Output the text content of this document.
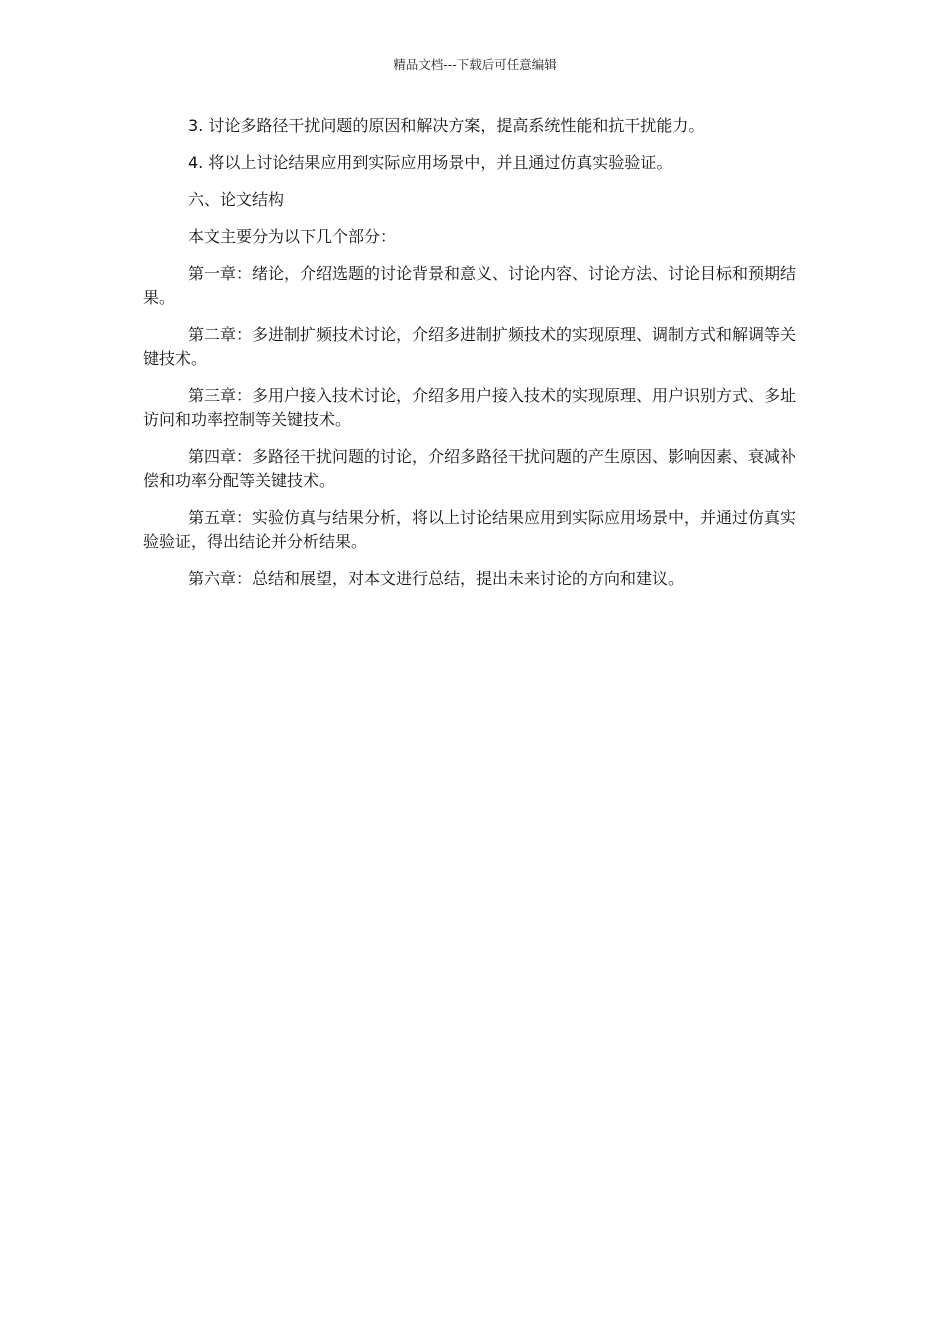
精品文档---下载后可任意编辑

3. 讨论多路径干扰问题的原因和解决方案，提高系统性能和抗干扰能力。

4. 将以上讨论结果应用到实际应用场景中，并且通过仿真实验验证。

六、论文结构

本文主要分为以下几个部分：

第一章：绪论，介绍选题的讨论背景和意义、讨论内容、讨论方法、讨论目标和预期结果。

第二章：多进制扩频技术讨论，介绍多进制扩频技术的实现原理、调制方式和解调等关键技术。

第三章：多用户接入技术讨论，介绍多用户接入技术的实现原理、用户识别方式、多址访问和功率控制等关键技术。

第四章：多路径干扰问题的讨论，介绍多路径干扰问题的产生原因、影响因素、衰减补偿和功率分配等关键技术。

第五章：实验仿真与结果分析，将以上讨论结果应用到实际应用场景中，并通过仿真实验验证，得出结论并分析结果。

第六章：总结和展望，对本文进行总结，提出未来讨论的方向和建议。
